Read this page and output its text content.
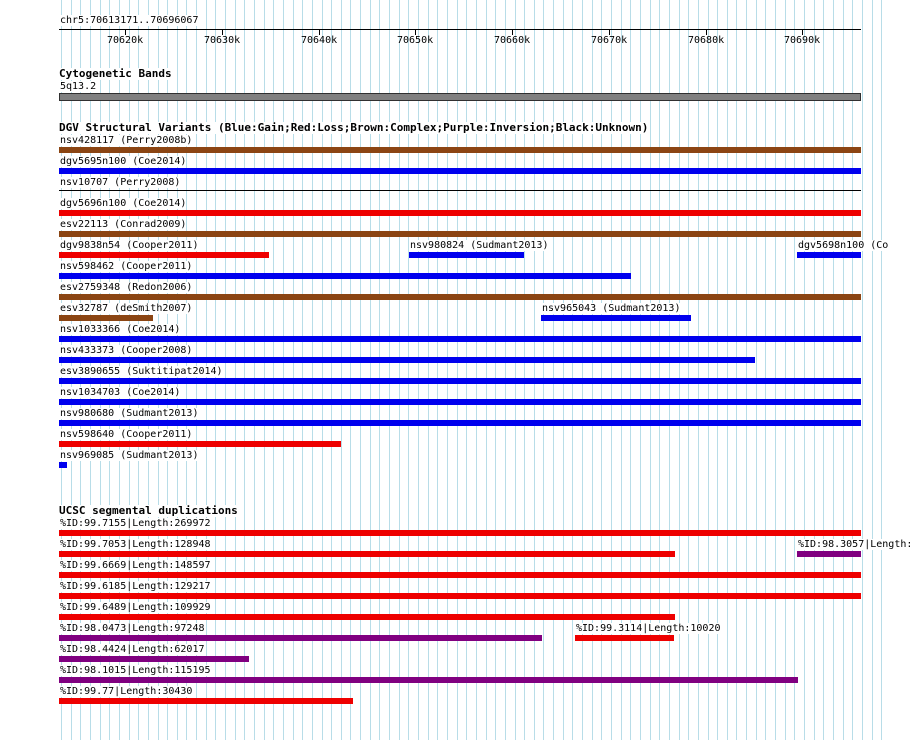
chr5:70613171..70696067
70620k	70630k	70640k	70650k	70660k	70670k	70680k	70690k
Cytogenetic Bands
5q13.2
DGV Structural Variants (Blue:Gain;Red:Loss;Brown:Complex;Purple:Inversion;Black:Unknown)
nsv428117 (Perry2008b)
dgv5695n100 (Coe2014)
nsv10707 (Perry2008)
dgv5696n100 (Coe2014)
esv22113 (Conrad2009)
dgv9838n54 (Cooper2011)	nsv980824 (Sudmant2013)	dgv5698n100 (Co
nsv598462 (Cooper2011)
esv2759348 (Redon2006)
esv32787 (deSmith2007)	nsv965043 (Sudmant2013)
nsv1033366 (Coe2014)
nsv433373 (Cooper2008)
esv3890655 (Suktitipat2014)
nsv1034703 (Coe2014)
nsv980680 (Sudmant2013)
nsv598640 (Cooper2011)
nsv969085 (Sudmant2013)
UCSC segmental duplications
%ID:99.7155|Length:269972
%ID:99.7053|Length:128948	%ID:98.3057|Length:
%ID:99.6669|Length:148597
%ID:99.6185|Length:129217
%ID:99.6489|Length:109929
%ID:98.0473|Length:97248	%ID:99.3114|Length:10020
%ID:98.4424|Length:62017
%ID:98.1015|Length:115195
%ID:99.77|Length:30430
